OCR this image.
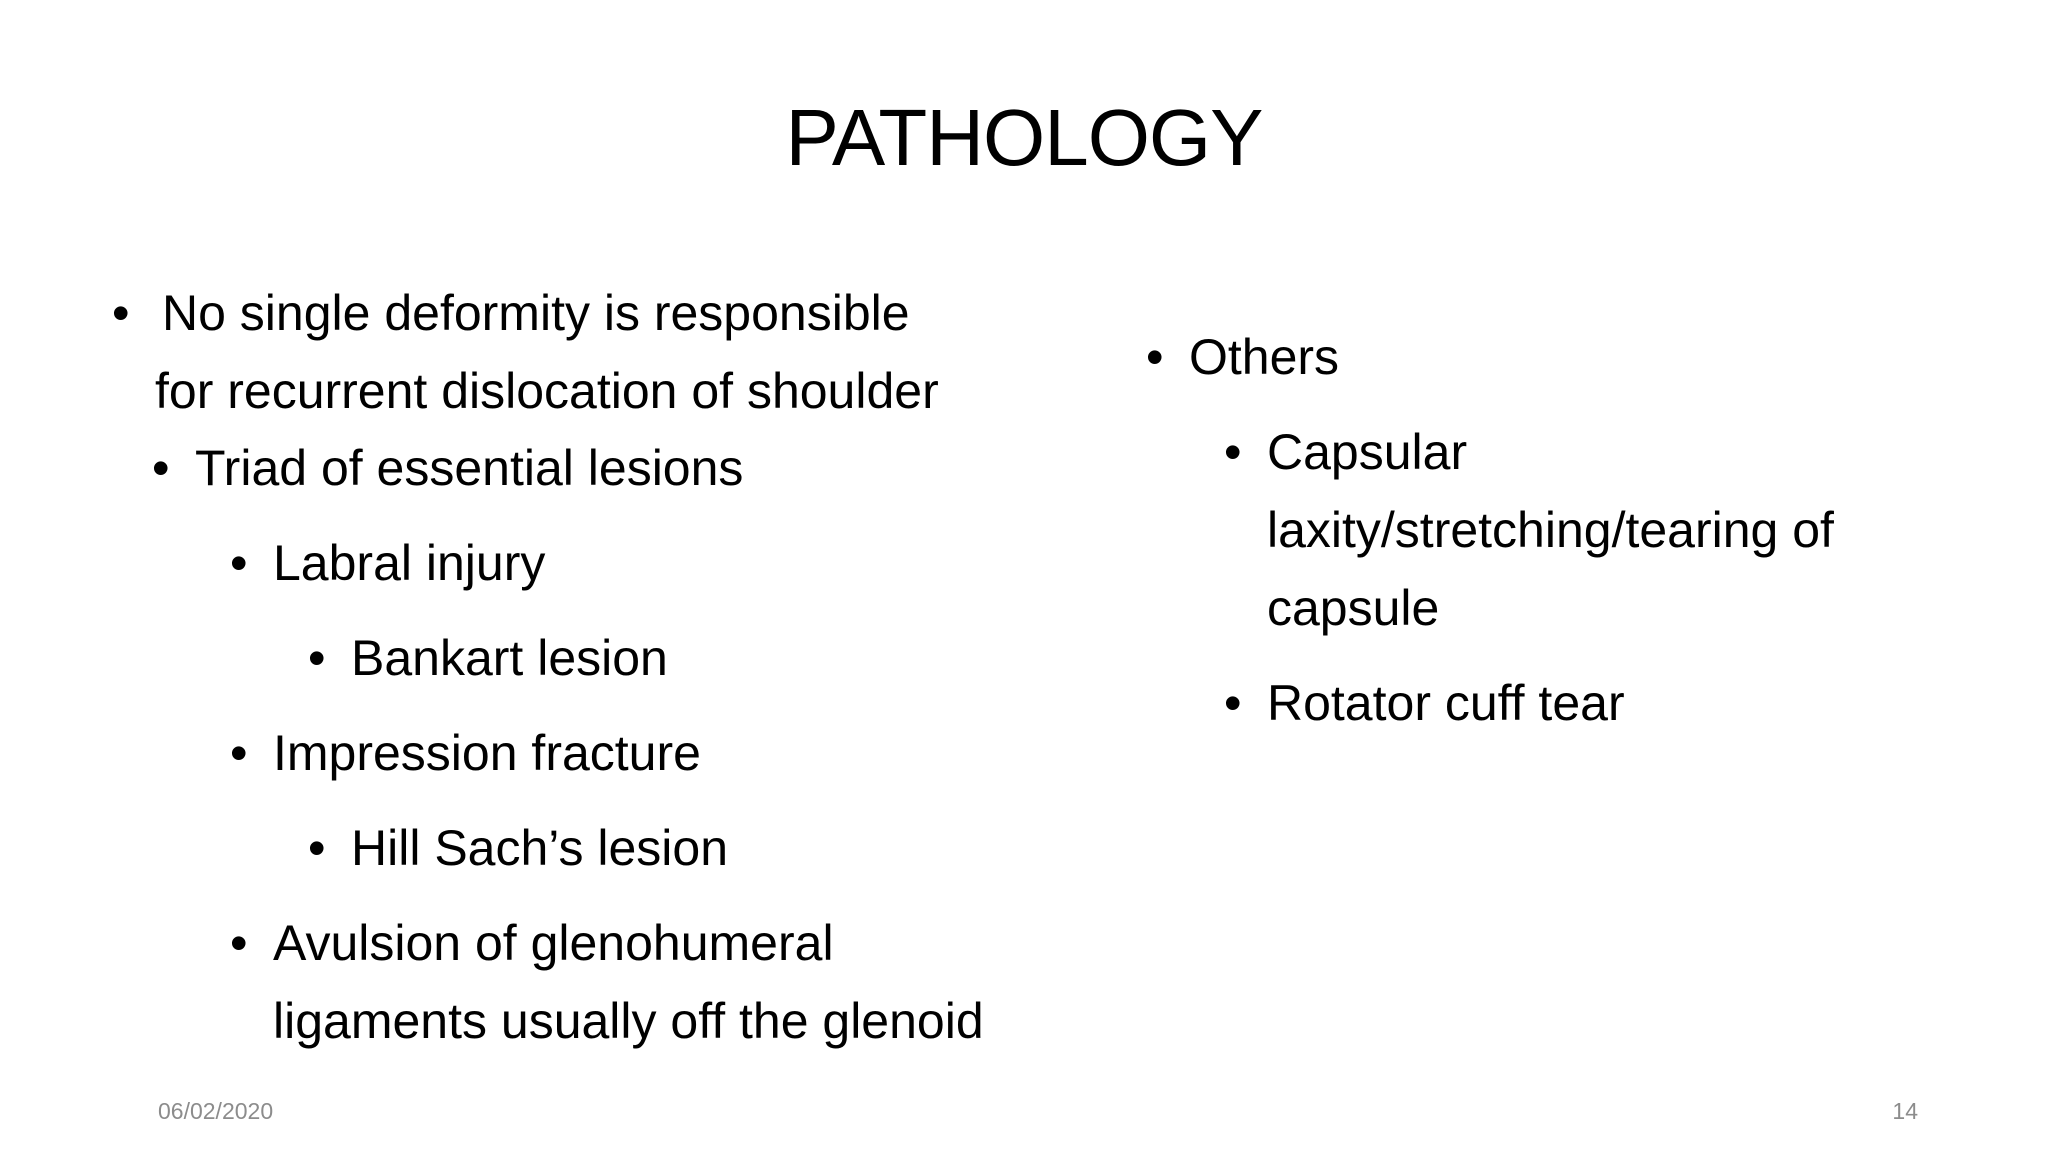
PATHOLOGY
• No single deformity is responsible
for recurrent dislocation of shoulder
• Triad of essential lesions
• Labral injury
• Bankart lesion
• Impression fracture
• Hill Sach’s lesion
• Avulsion of glenohumeral
ligaments usually off the glenoid
• Others
• Capsular
laxity/stretching/tearing of
capsule
• Rotator cuff tear
06/02/2020	14
